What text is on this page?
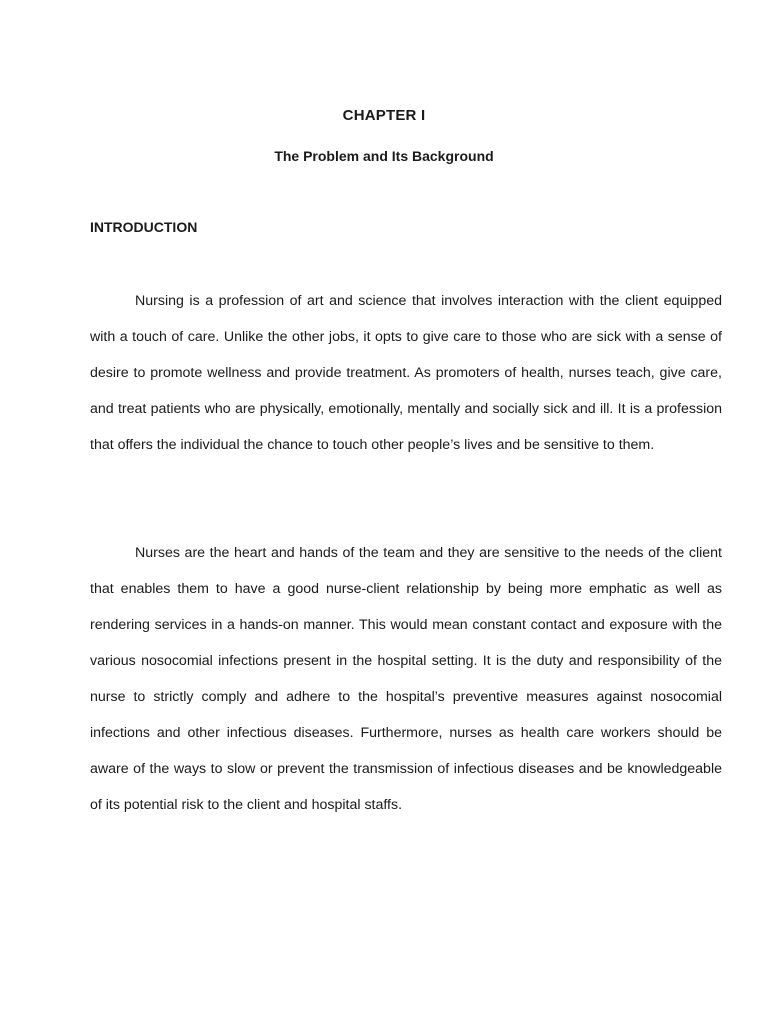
CHAPTER I
The Problem and Its Background
INTRODUCTION

Nursing is a profession of art and science that involves interaction with the client equipped with a touch of care. Unlike the other jobs, it opts to give care to those who are sick with a sense of desire to promote wellness and provide treatment. As promoters of health, nurses teach, give care, and treat patients who are physically, emotionally, mentally and socially sick and ill. It is a profession that offers the individual the chance to touch other people’s lives and be sensitive to them.

Nurses are the heart and hands of the team and they are sensitive to the needs of the client that enables them to have a good nurse-client relationship by being more emphatic as well as rendering services in a hands-on manner. This would mean constant contact and exposure with the various nosocomial infections present in the hospital setting. It is the duty and responsibility of the nurse to strictly comply and adhere to the hospital’s preventive measures against nosocomial infections and other infectious diseases. Furthermore, nurses as health care workers should be aware of the ways to slow or prevent the transmission of infectious diseases and be knowledgeable of its potential risk to the client and hospital staffs.
